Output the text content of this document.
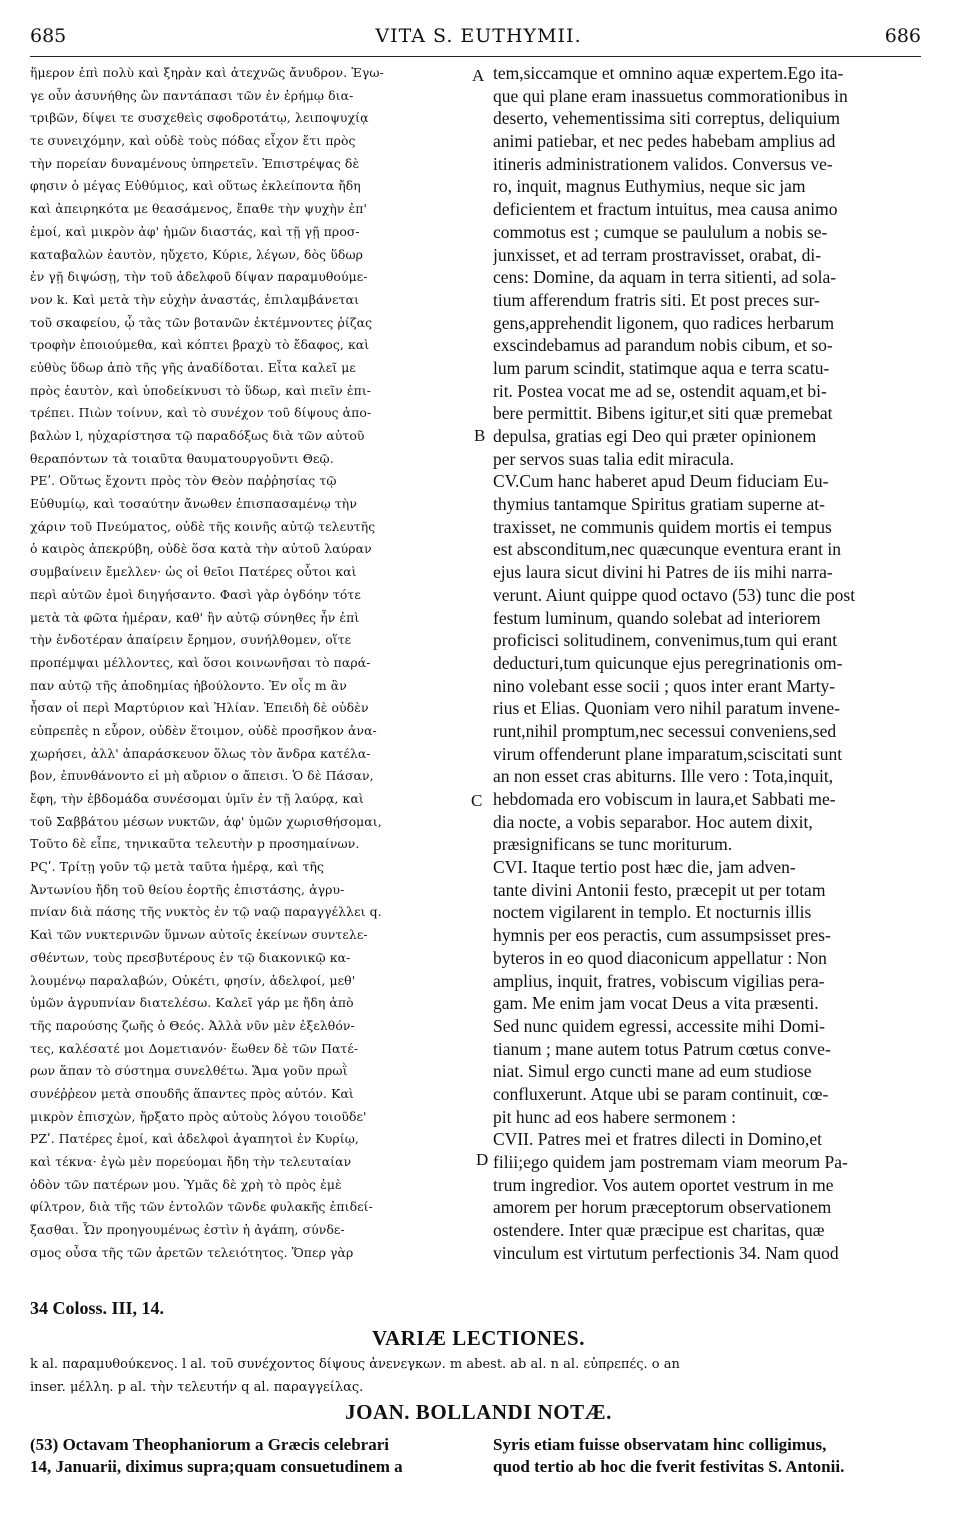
685	VITA S. EUTHYMII.	686
ἥμερον ἐπὶ πολὺ καὶ ξηρὰν καὶ ἀτεχνῶς ἄνυδρον. Ἐγω-
γε οὖν ἀσυνήθης ὢν παντάπασι τῶν ἐν ἐρήμῳ δια-
τριβῶν, δίψει τε συσχεθεὶς σφοδροτάτῳ, λειποψυχίᾳ
τε συνειχόμην, καὶ οὐδὲ τοὺς πόδας εἶχον ἔτι πρὸς
τὴν πορείαν δυναμένους ὑπηρετεῖν. Ἐπιστρέψας δὲ
φησιν ὁ μέγας Εὐθύμιος, καὶ οὕτως ἐκλείποντα ἤδη
καὶ ἀπειρηκότα με θεασάμενος, ἔπαθε τὴν ψυχὴν ἐπ'
ἐμοί, καὶ μικρὸν ἀφ' ἡμῶν διαστάς, καὶ τῇ γῇ προσ-
καταβαλὼν ἑαυτὸν, ηὔχετο, Κύριε, λέγων, δὸς ὕδωρ
ἐν γῇ διψώσῃ, τὴν τοῦ ἀδελφοῦ δίψαν παραμυθούμε-
νον k. Καὶ μετὰ τὴν εὐχὴν ἀναστάς, ἐπιλαμβάνεται
τοῦ σκαφείου, ᾧ τὰς τῶν βοτανῶν ἐκτέμνοντες ῥίζας
τροφὴν ἐποιούμεθα, καὶ κόπτει βραχὺ τὸ ἔδαφος, καὶ
εὐθὺς ὕδωρ ἀπὸ τῆς γῆς ἀναδίδοται. Εἶτα καλεῖ με
πρὸς ἑαυτὸν, καὶ ὑποδείκνυσι τὸ ὕδωρ, καὶ πιεῖν ἐπι-
τρέπει. Πιὼν τοίνυν, καὶ τὸ συνέχον τοῦ δίψους ἀπο-
βαλὼν l, ηὐχαρίστησα τῷ παραδόξως διὰ τῶν αὐτοῦ
θεραπόντων τὰ τοιαῦτα θαυματουργοῦντι Θεῷ.
ΡΕʹ. Οὕτως ἔχοντι πρὸς τὸν Θεὸν παῤῥησίας τῷ
Εὐθυμίῳ, καὶ τοσαύτην ἄνωθεν ἐπισπασαμένῳ τὴν
χάριν τοῦ Πνεύματος, οὐδὲ τῆς κοινῆς αὐτῷ τελευτῆς
ὁ καιρὸς ἀπεκρύβη, οὐδὲ ὅσα κατὰ τὴν αὐτοῦ λαύραν
συμβαίνειν ἔμελλεν· ὡς οἱ θεῖοι Πατέρες οὗτοι καὶ
περὶ αὐτῶν ἐμοὶ διηγήσαντο. Φασὶ γὰρ ὀγδόην τότε
μετὰ τὰ φῶτα ἡμέραν, καθ' ἣν αὐτῷ σύνηθες ἦν ἐπὶ
τὴν ἐνδοτέραν ἀπαίρειν ἔρημον, συνήλθομεν, οἵτε
προπέμψαι μέλλοντες, καὶ ὅσοι κοινωνῆσαι τὸ παρά-
παν αὐτῷ τῆς ἀποδημίας ἠβούλοντο. Ἐν οἷς m ἂν
ἦσαν οἱ περὶ Μαρτύριον καὶ Ἠλίαν. Ἐπειδὴ δὲ οὐδὲν
εὐπρεπὲς n εὗρον, οὐδὲν ἕτοιμον, οὐδὲ προσῆκον ἀνα-
χωρήσει, ἀλλ' ἀπαράσκευον ὅλως τὸν ἄνδρα κατέλα-
βον, ἐπυνθάνοντο εἰ μὴ αὔριον o ἄπεισι. Ὁ δὲ Πάσαν,
ἔφη, τὴν ἑβδομάδα συνέσομαι ὑμῖν ἐν τῇ λαύρᾳ, καὶ
τοῦ Σαββάτου μέσων νυκτῶν, ἀφ' ὑμῶν χωρισθήσομαι,
Τοῦτο δὲ εἶπε, τηνικαῦτα τελευτὴν p προσημαίνων.
ΡϚʹ. Τρίτῃ γοῦν τῷ μετὰ ταῦτα ἡμέρᾳ, καὶ τῆς
Ἀντωνίου ἤδη τοῦ θείου ἑορτῆς ἐπιστάσης, ἀγρυ-
πνίαν διὰ πάσης τῆς νυκτὸς ἐν τῷ ναῷ παραγγέλλει q.
Καὶ τῶν νυκτερινῶν ὕμνων αὐτοῖς ἐκείνων συντελε-
σθέντων, τοὺς πρεσβυτέρους ἐν τῷ διακονικῷ κα-
λουμένῳ παραλαβών, Οὐκέτι, φησίν, ἀδελφοί, μεθ'
ὑμῶν ἀγρυπνίαν διατελέσω. Καλεῖ γάρ με ἤδη ἀπὸ
τῆς παρούσης ζωῆς ὁ Θεός. Ἀλλὰ νῦν μὲν ἐξελθόν-
τες, καλέσατέ μοι Δομετιανόν· ἕωθεν δὲ τῶν Πατέ-
ρων ἅπαν τὸ σύστημα συνελθέτω. Ἅμα γοῦν πρωῒ
συνέῤῥεον μετὰ σπουδῆς ἅπαντες πρὸς αὐτόν. Καὶ
μικρὸν ἐπισχὼν, ἤρξατο πρὸς αὐτοὺς λόγου τοιοῦδε'
ΡΖʹ. Πατέρες ἐμοί, καὶ ἀδελφοὶ ἀγαπητοὶ ἐν Κυρίῳ,
καὶ τέκνα· ἐγὼ μὲν πορεύομαι ἤδη τὴν τελευταίαν
ὁδὸν τῶν πατέρων μου. Ὑμᾶς δὲ χρὴ τὸ πρὸς ἐμὲ
φίλτρον, διὰ τῆς τῶν ἐντολῶν τῶνδε φυλακῆς ἐπιδεί-
ξασθαι. Ὧν προηγουμένως ἐστὶν ἡ ἀγάπη, σύνδε-
σμος οὖσα τῆς τῶν ἀρετῶν τελειότητος. Ὅπερ γὰρ
tem,siccamque et omnino aquæ expertem.Ego ita-
que qui plane eram inassuetus commorationibus in
deserto, vehementissima siti correptus, deliquium
animi patiebar, et nec pedes habebam amplius ad
itineris administrationem validos. Conversus ve-
ro, inquit, magnus Euthymius, neque sic jam
deficientem et fractum intuitus, mea causa animo
commotus est ; cumque se paululum a nobis se-
junxisset, et ad terram prostravisset, orabat, di-
cens: Domine, da aquam in terra sitienti, ad sola-
tium afferendum fratris siti. Et post preces sur-
gens,apprehendit ligonem, quo radices herbarum
exscindebamus ad parandum nobis cibum, et so-
lum parum scindit, statimque aqua e terra scatu-
rit. Postea vocat me ad se, ostendit aquam,et bi-
bere permittit. Bibens igitur,et siti quæ premebat
depulsa, gratias egi Deo qui præter opinionem
per servos suas talia edit miracula.
CV.Cum hanc haberet apud Deum fiduciam Eu-
thymius tantamque Spiritus gratiam superne at-
traxisset, ne communis quidem mortis ei tempus
est absconditum,nec quæcunque eventura erant in
ejus laura sicut divini hi Patres de iis mihi narra-
verunt. Aiunt quippe quod octavo (53) tunc die post
festum luminum, quando solebat ad interiorem
proficisci solitudinem, convenimus,tum qui erant
deducturi,tum quicunque ejus peregrinationis om-
nino volebant esse socii ; quos inter erant Marty-
rius et Elias. Quoniam vero nihil paratum invene-
runt,nihil promptum,nec secessui conveniens,sed
virum offenderunt plane imparatum,sciscitati sunt
an non esset cras abiturns. Ille vero : Tota,inquit,
hebdomada ero vobiscum in laura,et Sabbati me-
dia nocte, a vobis separabor. Hoc autem dixit,
præsignificans se tunc moriturum.
CVI. Itaque tertio post hæc die, jam adven-
tante divini Antonii festo, præcepit ut per totam
noctem vigilarent in templo. Et nocturnis illis
hymnis per eos peractis, cum assumpsisset pres-
byteros in eo quod diaconicum appellatur : Non
amplius, inquit, fratres, vobiscum vigilias pera-
gam. Me enim jam vocat Deus a vita præsenti.
Sed nunc quidem egressi, accessite mihi Domi-
tianum ; mane autem totus Patrum cœtus conve-
niat. Simul ergo cuncti mane ad eum studiose
confluxerunt. Atque ubi se param continuit, cœ-
pit hunc ad eos habere sermonem :
CVII. Patres mei et fratres dilecti in Domino,et
filii;ego quidem jam postremam viam meorum Pa-
trum ingredior. Vos autem oportet vestrum in me
amorem per horum præceptorum observationem
ostendere. Inter quæ præcipue est charitas, quæ
vinculum est virtutum perfectionis 34. Nam quod
A
B
C
D
34 Coloss. III, 14.
VARIÆ LECTIONES.
k al. παραμυθούκενος. l al. τοῦ συνέχοντος δίψους ἀνενεγκων. m abest. ab al. n al. εὐπρεπές. o an
inser. μέλλη. p al. τὴν τελευτήν q al. παραγγείλας.
JOAN. BOLLANDI NOTÆ.
(53) Octavam Theophaniorum a Græcis celebrari
14, Januarii, diximus supra;quam consuetudinem a
Syris etiam fuisse observatam hinc colligimus,
quod tertio ab hoc die fverit festivitas S. Antonii.
